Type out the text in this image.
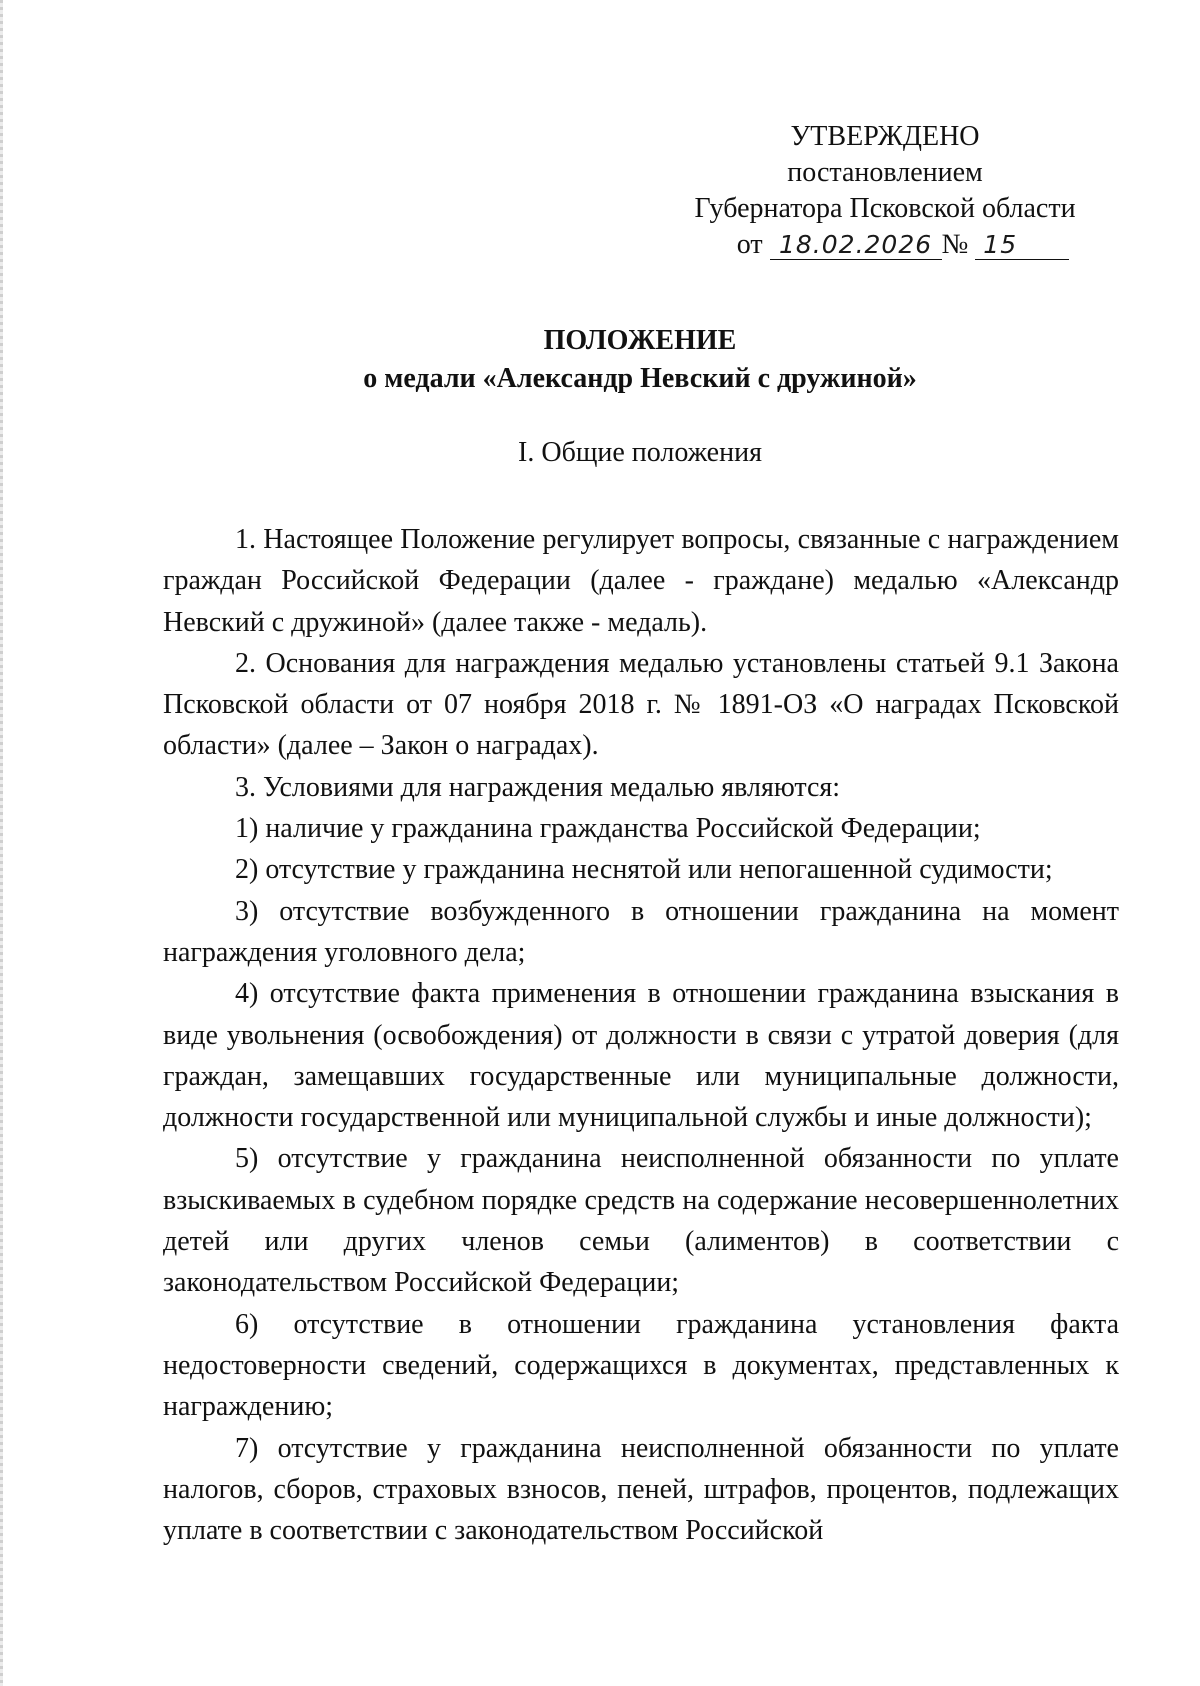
УТВЕРЖДЕНО
постановлением
Губернатора Псковской области
от 18.02.2026 № 15
ПОЛОЖЕНИЕ
о медали «Александр Невский с дружиной»
I. Общие положения

1. Настоящее Положение регулирует вопросы, связанные с награждением граждан Российской Федерации (далее - граждане) медалью «Александр Невский с дружиной» (далее также - медаль).

2. Основания для награждения медалью установлены статьей 9.1 Закона Псковской области от 07 ноября 2018 г. № 1891-ОЗ «О наградах Псковской области» (далее – Закон о наградах).

3. Условиями для награждения медалью являются:

1) наличие у гражданина гражданства Российской Федерации;

2) отсутствие у гражданина неснятой или непогашенной судимости;

3) отсутствие возбужденного в отношении гражданина на момент награждения уголовного дела;

4) отсутствие факта применения в отношении гражданина взыскания в виде увольнения (освобождения) от должности в связи с утратой доверия (для граждан, замещавших государственные или муниципальные должности, должности государственной или муниципальной службы и иные должности);

5) отсутствие у гражданина неисполненной обязанности по уплате взыскиваемых в судебном порядке средств на содержание несовершеннолетних детей или других членов семьи (алиментов) в соответствии с законодательством Российской Федерации;

6) отсутствие в отношении гражданина установления факта недостоверности сведений, содержащихся в документах, представленных к награждению;

7) отсутствие у гражданина неисполненной обязанности по уплате налогов, сборов, страховых взносов, пеней, штрафов, процентов, подлежащих уплате в соответствии с законодательством Российской
